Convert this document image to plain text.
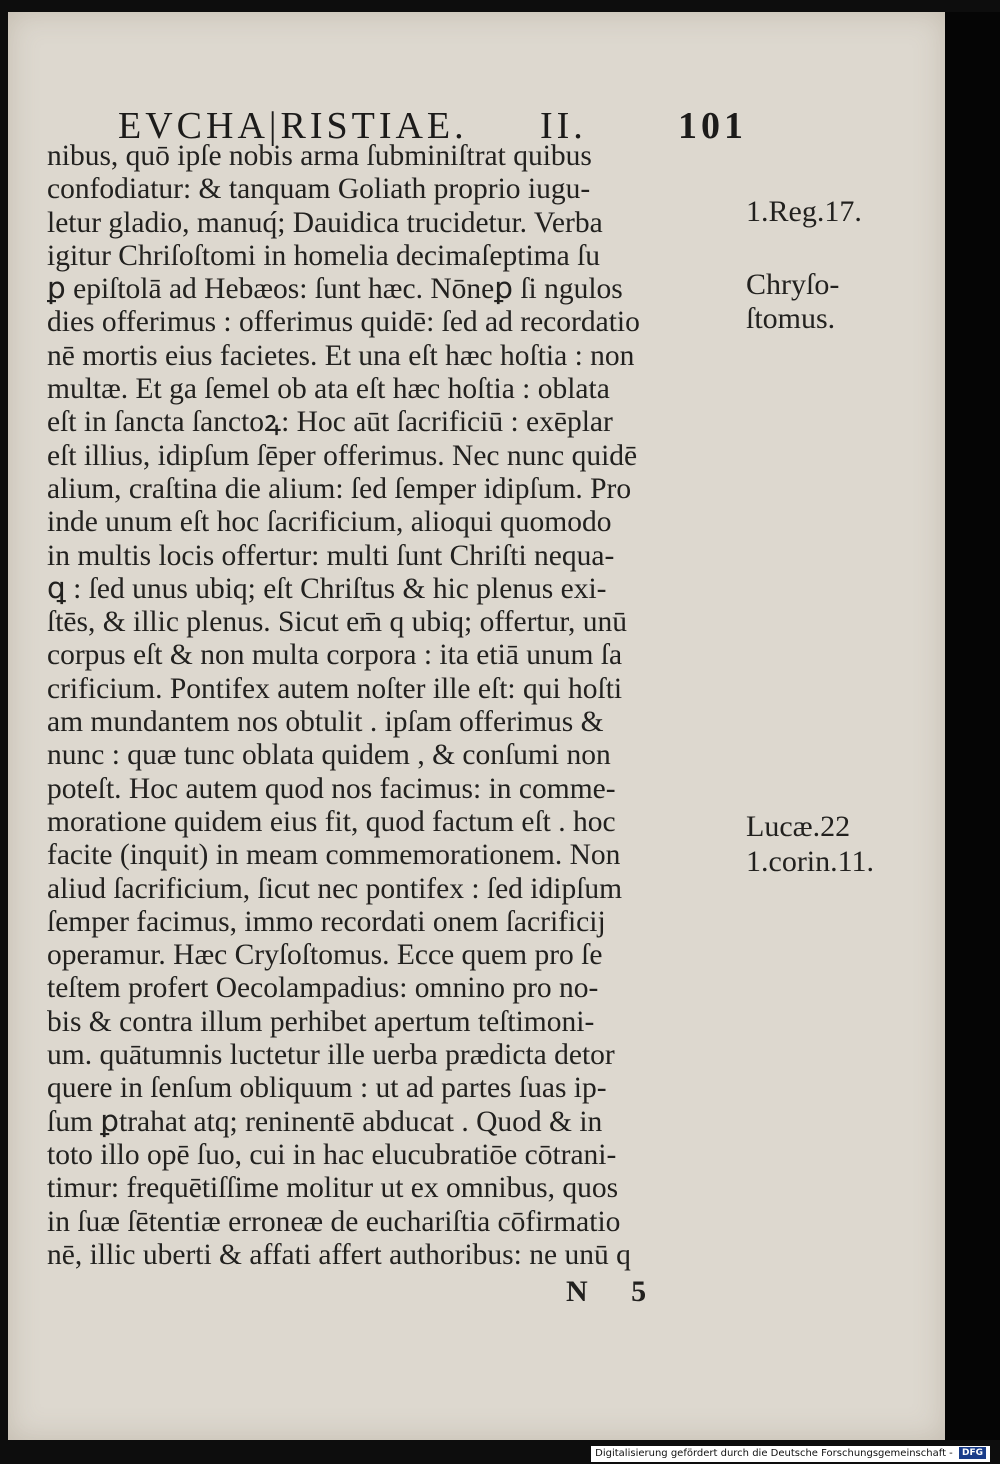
EVCHA|RISTIAE. II. 101
nibus, quō ipſe nobis arma ſubminiſtrat quibus
confodiatur: & tanquam Goliath proprio iugu-
letur gladio, manuq́; Dauidica trucidetur. Verba
igitur Chriſoſtomi in homelia decimaſeptima ſu
ꝑ epiſtolā ad Hebæos: ſunt hæc. Nōneꝑ ſi ngulos
dies offerimus : offerimus quidē: ſed ad recordatio
nē mortis eius facietes. Et una eſt hæc hoſtia : non
multæ. Et ga ſemel ob ata eſt hæc hoſtia : oblata
eſt in ſancta ſanctoꝝ: Hoc aūt ſacrificiū : exēplar
eſt illius, idipſum ſēper offerimus. Nec nunc quidē
alium, craſtina die alium: ſed ſemper idipſum. Pro
inde unum eſt hoc ſacrificium, alioqui quomodo
in multis locis offertur: multi ſunt Chriſti nequa-
ꝗ : ſed unus ubiq; eſt Chriſtus & hic plenus exi-
ſtēs, & illic plenus. Sicut em̄ q ubiq; offertur, unū
corpus eſt & non multa corpora : ita etiā unum ſa
crificium. Pontifex autem noſter ille eſt: qui hoſti
am mundantem nos obtulit . ipſam offerimus &
nunc : quæ tunc oblata quidem , & conſumi non
poteſt. Hoc autem quod nos facimus: in comme-
moratione quidem eius fit, quod factum eſt . hoc
facite (inquit) in meam commemorationem. Non
aliud ſacrificium, ſicut nec pontifex : ſed idipſum
ſemper facimus, immo recordati onem ſacrificij
operamur. Hæc Cryſoſtomus. Ecce quem pro ſe
teſtem profert Oecolampadius: omnino pro no-
bis & contra illum perhibet apertum teſtimoni-
um. quātumnis luctetur ille uerba prædicta detor
quere in ſenſum obliquum : ut ad partes ſuas ip-
ſum ꝑtrahat atq; reninentē abducat . Quod & in
toto illo opē ſuo, cui in hac elucubratiōe cōtrani-
timur: frequētiſſime molitur ut ex omnibus, quos
in ſuæ ſētentiæ erroneæ de euchariſtia cōfirmatio
nē, illic uberti & affati affert authoribus: ne unū q
1.Reg.17.
Chryſo-
ſtomus.
Lucæ.22
1.corin.11.
N 5
Digitalisierung gefördert durch die Deutsche Forschungsgemeinschaft - DFG
